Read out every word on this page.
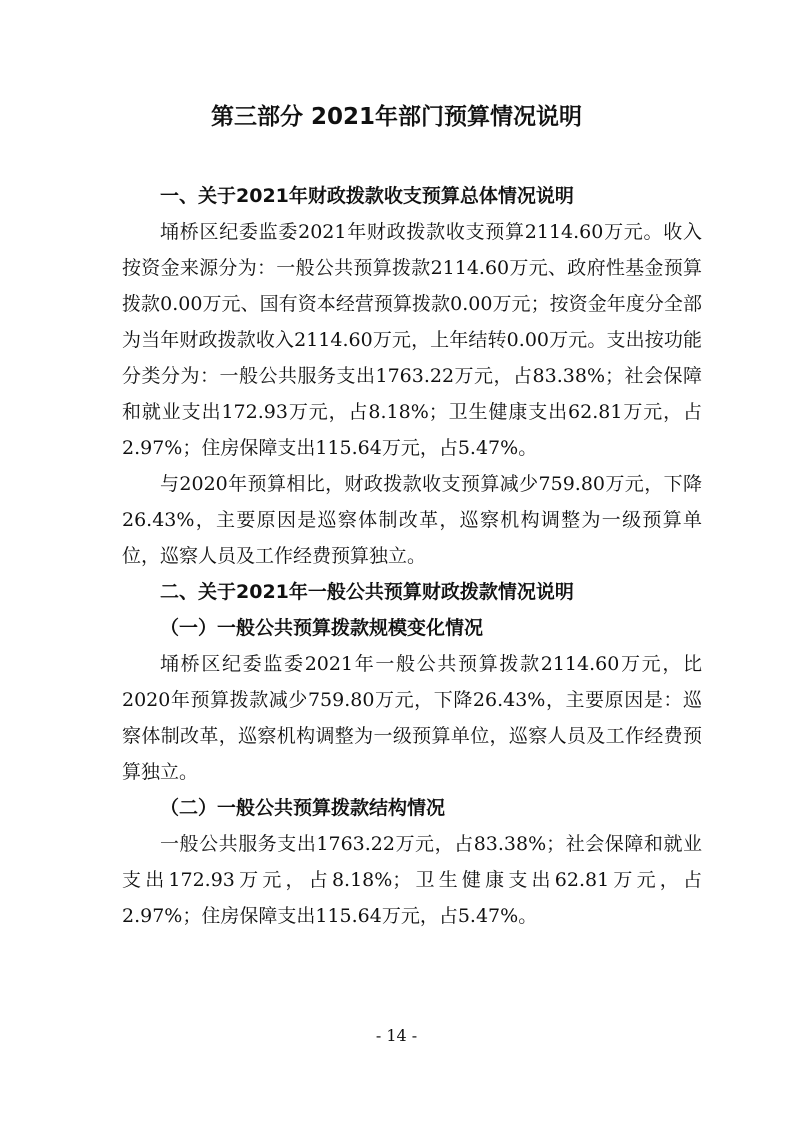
第三部分 2021年部门预算情况说明

一、关于2021年财政拨款收支预算总体情况说明

埇桥区纪委监委2021年财政拨款收支预算2114.60万元。收入按资金来源分为：一般公共预算拨款2114.60万元、政府性基金预算拨款0.00万元、国有资本经营预算拨款0.00万元；按资金年度分全部为当年财政拨款收入2114.60万元，上年结转0.00万元。支出按功能分类分为：一般公共服务支出1763.22万元，占83.38%；社会保障和就业支出172.93万元，占8.18%；卫生健康支出62.81万元，占2.97%；住房保障支出115.64万元，占5.47%。

与2020年预算相比，财政拨款收支预算减少759.80万元，下降26.43%，主要原因是巡察体制改革，巡察机构调整为一级预算单位，巡察人员及工作经费预算独立。

二、关于2021年一般公共预算财政拨款情况说明

（一）一般公共预算拨款规模变化情况

埇桥区纪委监委2021年一般公共预算拨款2114.60万元，比2020年预算拨款减少759.80万元，下降26.43%，主要原因是：巡察体制改革，巡察机构调整为一级预算单位，巡察人员及工作经费预算独立。

（二）一般公共预算拨款结构情况

一般公共服务支出1763.22万元，占83.38%；社会保障和就业支出172.93万元，占8.18%；卫生健康支出62.81万元，占2.97%；住房保障支出115.64万元，占5.47%。

- 14 -
